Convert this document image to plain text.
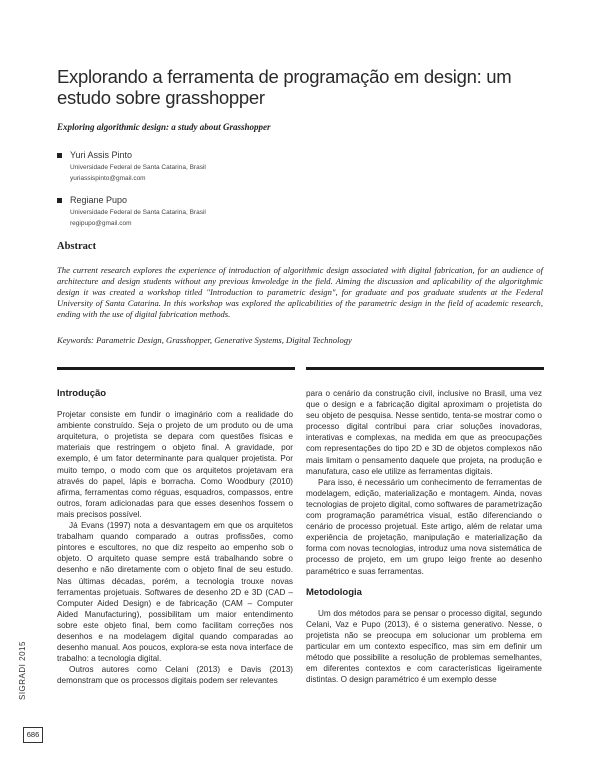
Explorando a ferramenta de programação em design: um estudo sobre grasshopper
Exploring algorithmic design: a study about Grasshopper
Yuri Assis Pinto
Universidade Federal de Santa Catarina, Brasil
yuriassispinto@gmail.com
Regiane Pupo
Universidade Federal de Santa Catarina, Brasil
regipupo@gmail.com
Abstract

The current research explores the experience of introduction of algorithmic design associated with digital fabrication, for an audience of architecture and design students without any previous knwoledge in the field. Aiming the discussion and aplicability of the algoritghmic design it was created a workshop titled "Introduction to parametric design", for graduate and pos graduate students at the Federal University of Santa Catarina. In this workshop was explored the aplicabilities of the parametric design in the field of academic research, ending with the use of digital fabrication methods.

Keywords: Parametric Design, Grasshopper, Generative Systems, Digital Technology

Introdução

Projetar consiste em fundir o imaginário com a realidade do ambiente construído. Seja o projeto de um produto ou de uma arquitetura, o projetista se depara com questões físicas e materiais que restringem o objeto final. A gravidade, por exemplo, é um fator determinante para qualquer projetista. Por muito tempo, o modo com que os arquitetos projetavam era através do papel, lápis e borracha. Como Woodbury (2010) afirma, ferramentas como réguas, esquadros, compassos, entre outros, foram adicionadas para que esses desenhos fossem o mais precisos possível.

Já Evans (1997) nota a desvantagem em que os arquitetos trabalham quando comparado a outras profissões, como pintores e escultores, no que diz respeito ao empenho sob o objeto. O arquiteto quase sempre está trabalhando sobre o desenho e não diretamente com o objeto final de seu estudo. Nas últimas décadas, porém, a tecnologia trouxe novas ferramentas projetuais. Softwares de desenho 2D e 3D (CAD – Computer Aided Design) e de fabricação (CAM – Computer Aided Manufacturing), possibilitam um maior entendimento sobre este objeto final, bem como facilitam correções nos desenhos e na modelagem digital quando comparadas ao desenho manual. Aos poucos, explora-se esta nova interface de trabalho: a tecnologia digital.

Outros autores como Celani (2013) e Davis (2013) demonstram que os processos digitais podem ser relevantes

para o cenário da construção civil, inclusive no Brasil, uma vez que o design e a fabricação digital aproximam o projetista do seu objeto de pesquisa. Nesse sentido, tenta-se mostrar como o processo digital contribui para criar soluções inovadoras, interativas e complexas, na medida em que as preocupações com representações do tipo 2D e 3D de objetos complexos não mais limitam o pensamento daquele que projeta, na produção e manufatura, caso ele utilize as ferramentas digitais.

Para isso, é necessário um conhecimento de ferramentas de modelagem, edição, materialização e montagem. Ainda, novas tecnologias de projeto digital, como softwares de parametrização com programação paramétrica visual, estão diferenciando o cenário de processo projetual. Este artigo, além de relatar uma experiência de projetação, manipulação e materialização da forma com novas tecnologias, introduz uma nova sistemática de processo de projeto, em um grupo leigo frente ao desenho paramétrico e suas ferramentas.

Metodologia

Um dos métodos para se pensar o processo digital, segundo Celani, Vaz e Pupo (2013), é o sistema generativo. Nesse, o projetista não se preocupa em solucionar um problema em particular em um contexto específico, mas sim em definir um método que possibilite a resolução de problemas semelhantes, em diferentes contextos e com características ligeiramente distintas. O design paramétrico é um exemplo desse

SIGRADI 2015
686
